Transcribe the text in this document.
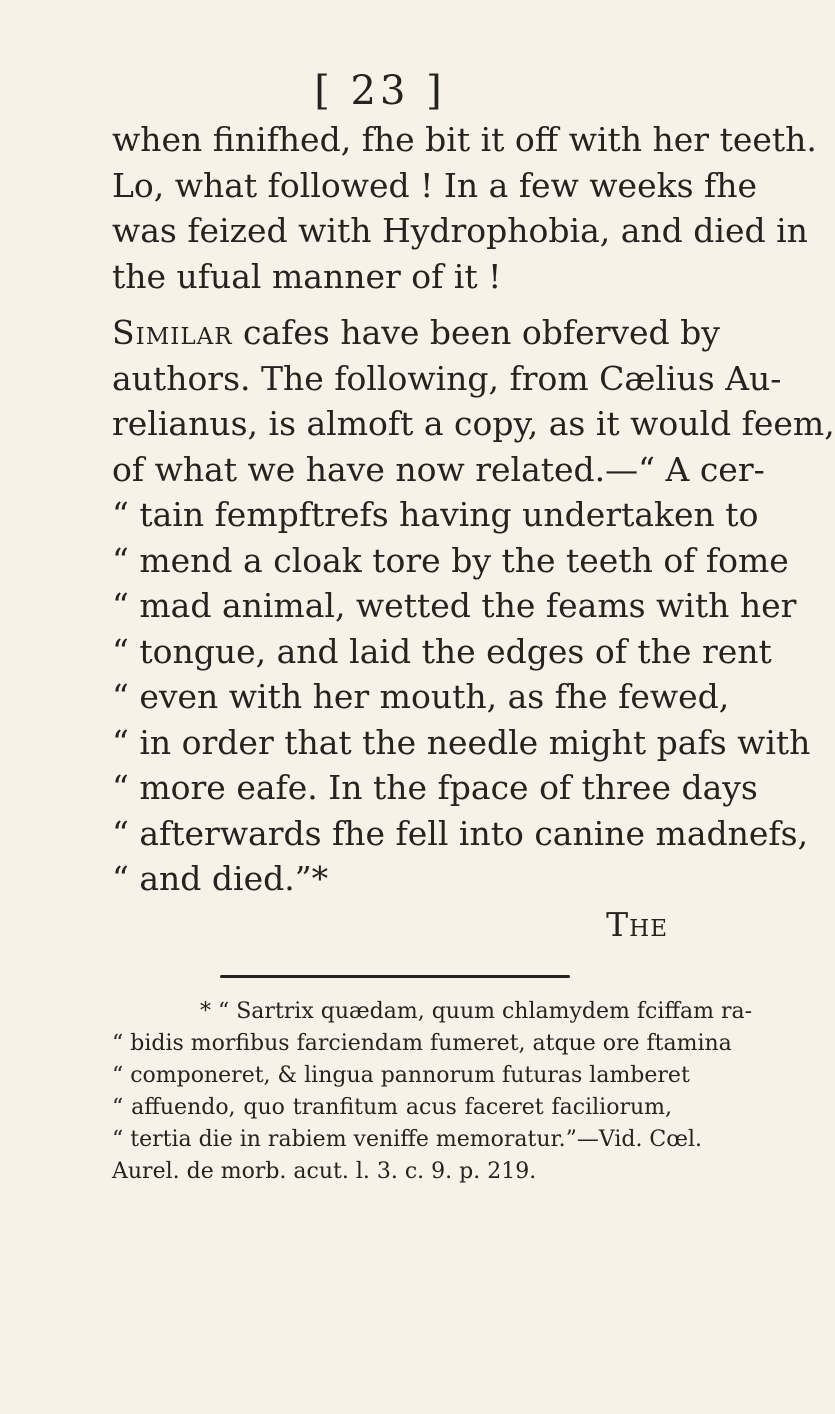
[ 23 ]
when finifhed, fhe bit it off with her teeth.
Lo, what followed ! In a few weeks fhe
was feized with Hydrophobia, and died in
the ufual manner of it !
Similar cafes have been obferved by
authors. The following, from Cælius Au-
relianus, is almoft a copy, as it would feem,
of what we have now related.—“ A cer-
“ tain fempftrefs having undertaken to
“ mend a cloak tore by the teeth of fome
“ mad animal, wetted the feams with her
“ tongue, and laid the edges of the rent
“ even with her mouth, as fhe fewed,
“ in order that the needle might pafs with
“ more eafe. In the fpace of three days
“ afterwards fhe fell into canine madnefs,
“ and died.”*
The
* “ Sartrix quædam, quum chlamydem fciffam ra-
“ bidis morfibus farciendam fumeret, atque ore ftamina
“ componeret, & lingua pannorum futuras lamberet
“ affuendo, quo tranfitum acus faceret faciliorum,
“ tertia die in rabiem veniffe memoratur.”—Vid. Cœl.
Aurel. de morb. acut. l. 3. c. 9. p. 219.
